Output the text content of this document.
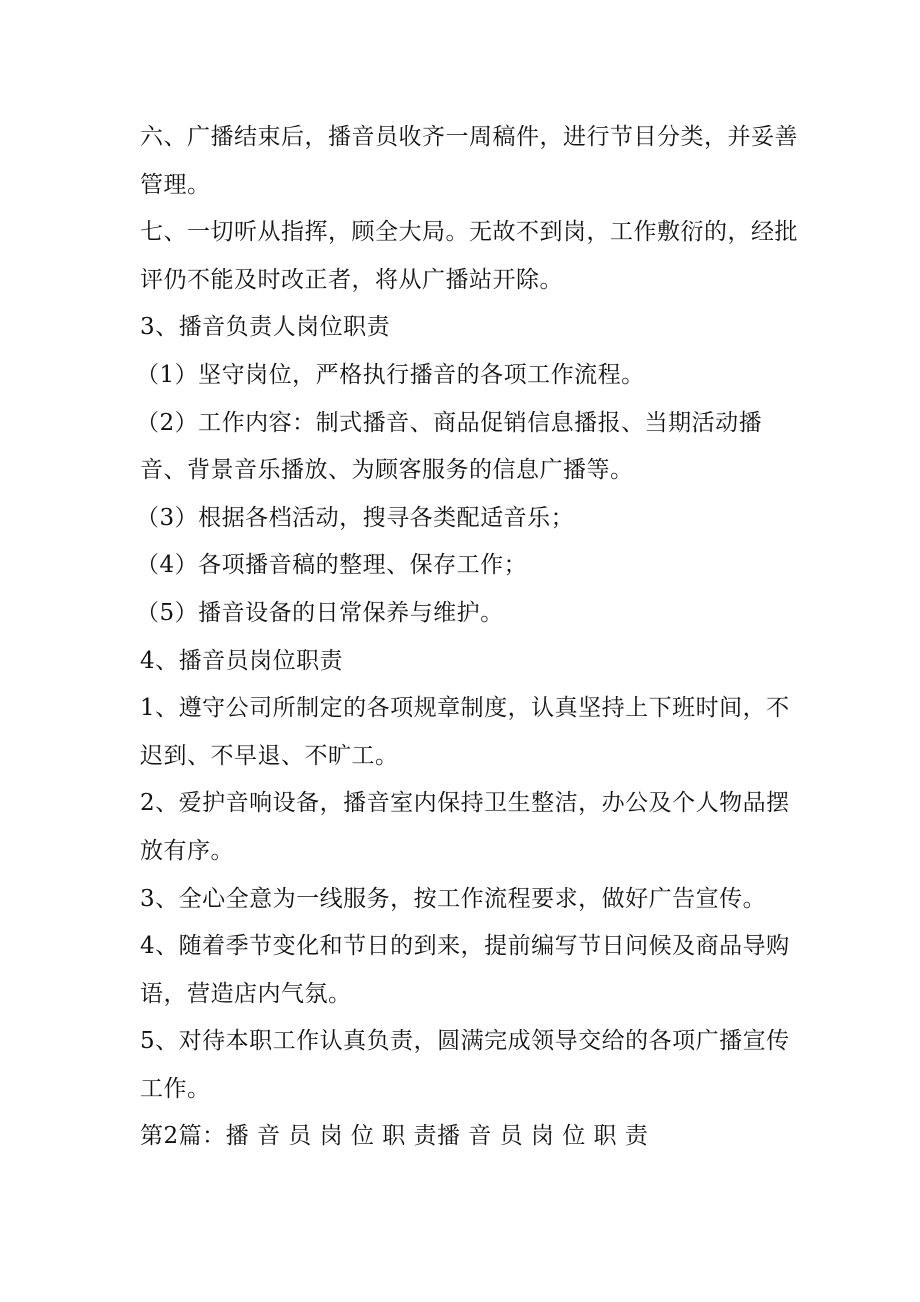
六、广播结束后，播音员收齐一周稿件，进行节目分类，并妥善管理。

七、一切听从指挥，顾全大局。无故不到岗，工作敷衍的，经批评仍不能及时改正者，将从广播站开除。

3、播音负责人岗位职责

（1）坚守岗位，严格执行播音的各项工作流程。

（2）工作内容：制式播音、商品促销信息播报、当期活动播音、背景音乐播放、为顾客服务的信息广播等。

（3）根据各档活动，搜寻各类配适音乐；

（4）各项播音稿的整理、保存工作；

（5）播音设备的日常保养与维护。

4、播音员岗位职责

1、遵守公司所制定的各项规章制度，认真坚持上下班时间，不迟到、不早退、不旷工。

2、爱护音响设备，播音室内保持卫生整洁，办公及个人物品摆放有序。

3、全心全意为一线服务，按工作流程要求，做好广告宣传。

4、随着季节变化和节日的到来，提前编写节日问候及商品导购语，营造店内气氛。

5、对待本职工作认真负责，圆满完成领导交给的各项广播宣传工作。

第2篇：播 音 员 岗 位 职 责播 音 员 岗 位 职 责
